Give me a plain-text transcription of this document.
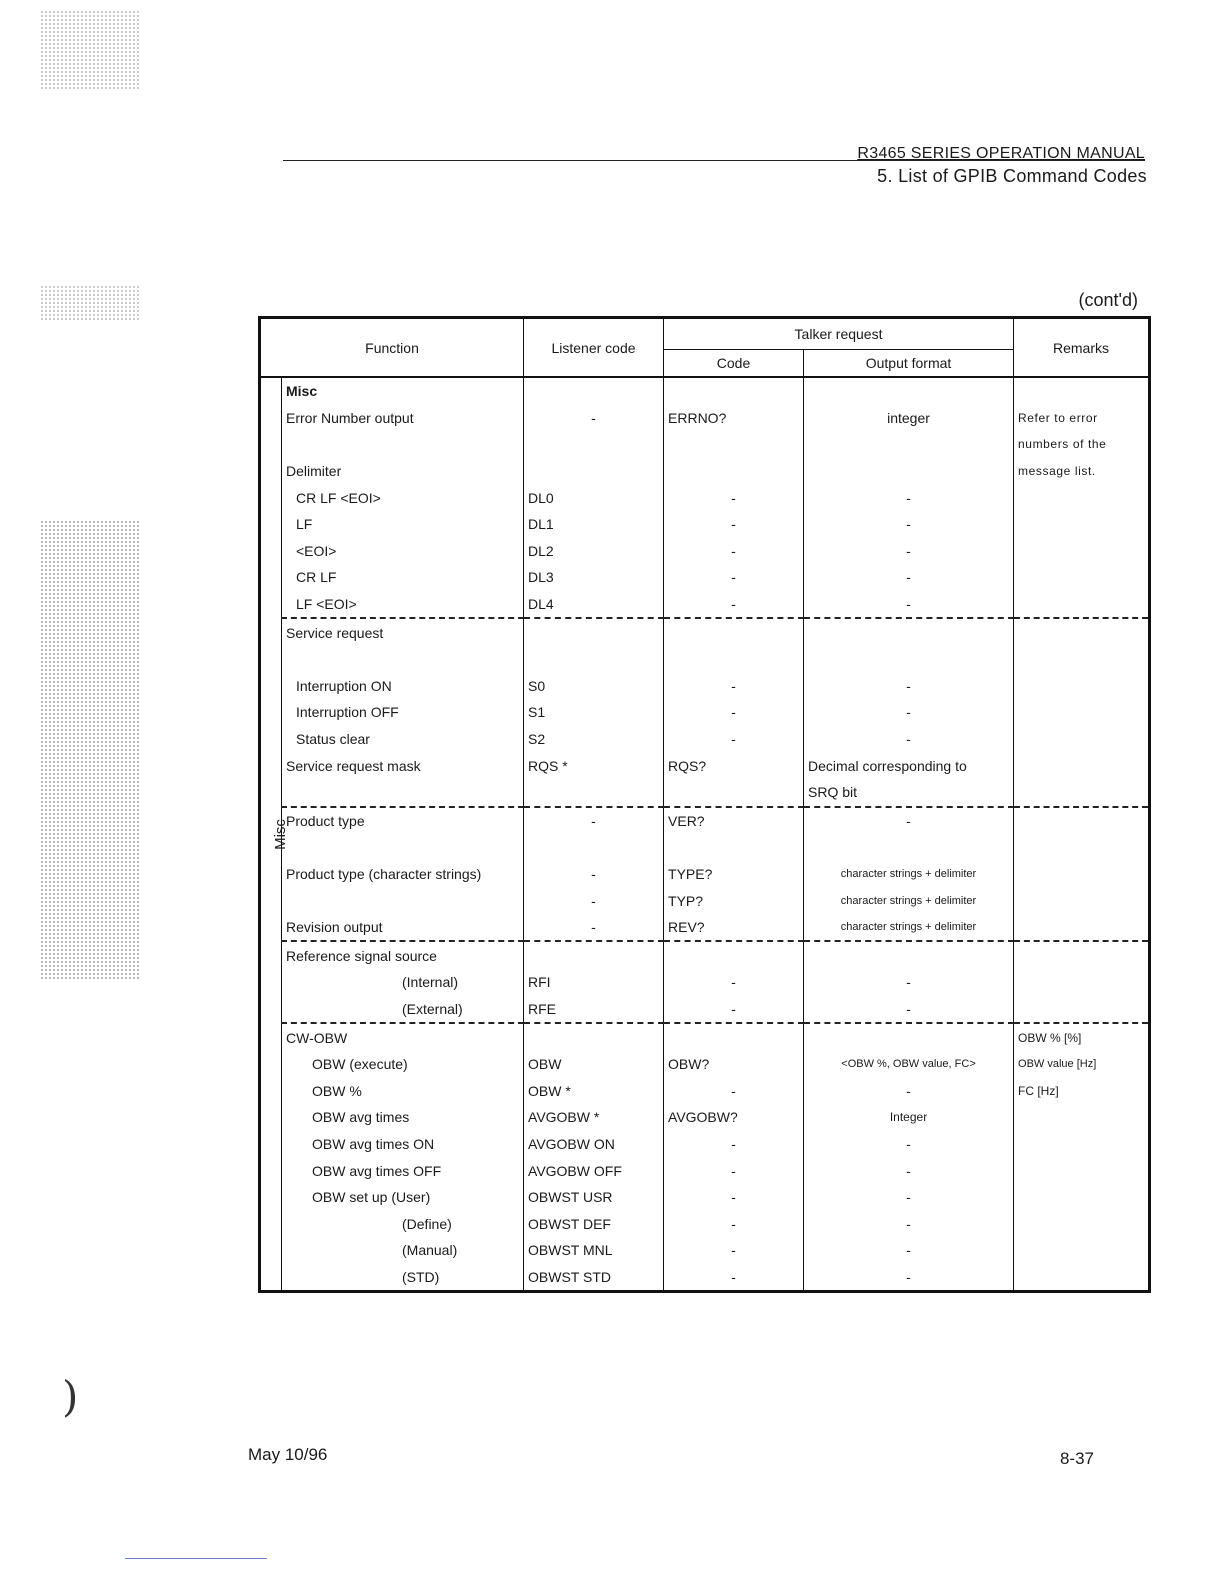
)
R3465 SERIES OPERATION MANUAL
5. List of GPIB Command Codes
(cont'd)
Function		Listener code	Talker request		Remarks
			Code	Output format	
Misc	Misc				
	Error Number output	-	ERRNO?	integer	Refer to error
					numbers of the
	Delimiter				message list.
	CR LF <EOI>	DL0	-	-	
	LF	DL1	-	-	
	<EOI>	DL2	-	-	
	CR LF	DL3	-	-	
	LF <EOI>	DL4	-	-	
	Service request				

	Interruption ON	S0	-	-	
	Interruption OFF	S1	-	-	
	Status clear	S2	-	-	
	Service request mask	RQS *	RQS?	Decimal corresponding to	
				SRQ bit	
	Product type	-	VER?	-	

	Product type (character strings)	-	TYPE?	character strings + delimiter	
		-	TYP?	character strings + delimiter	
	Revision output	-	REV?	character strings + delimiter	
	Reference signal source				
	(Internal)	RFI	-	-	
	(External)	RFE	-	-	
	CW-OBW				OBW % [%]
	OBW (execute)	OBW	OBW?	<OBW %, OBW value, FC>	OBW value [Hz]
	OBW %	OBW *	-	-	FC [Hz]
	OBW avg times	AVGOBW *	AVGOBW?	Integer	
	OBW avg times ON	AVGOBW ON	-	-	
	OBW avg times OFF	AVGOBW OFF	-	-	
	OBW set up (User)	OBWST USR	-	-	
	(Define)	OBWST DEF	-	-	
	(Manual)	OBWST MNL	-	-	
	(STD)	OBWST STD	-	-	
May 10/96	8-37
